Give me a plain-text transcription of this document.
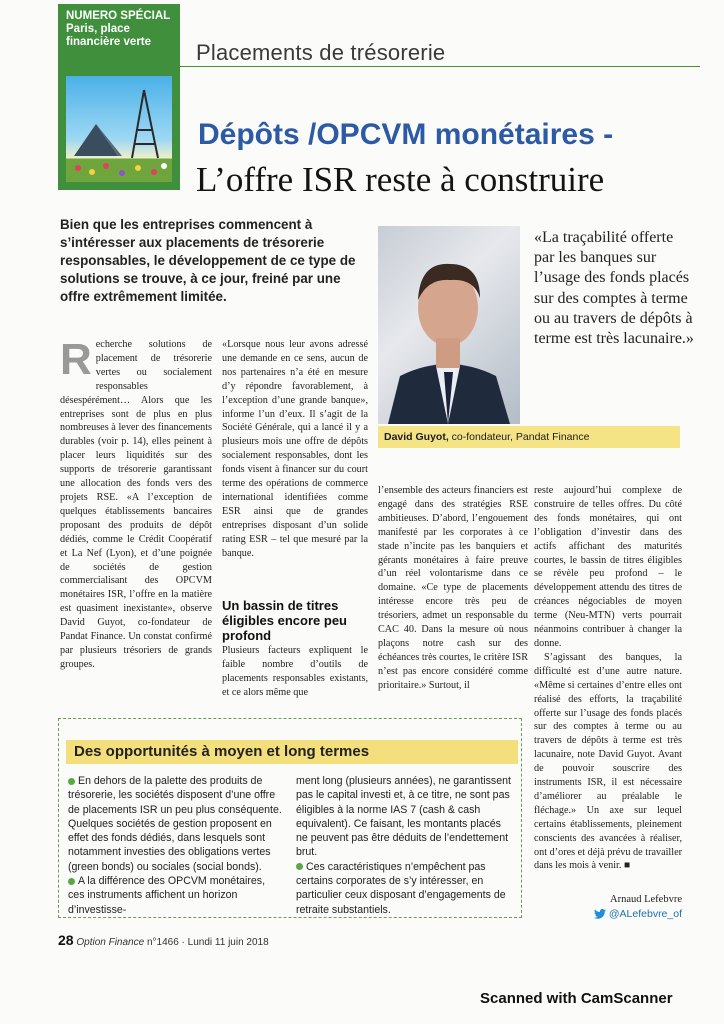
NUMERO SPÉCIAL
Paris, place
financière verte	Placements de trésorerie
Dépôts /OPCVM monétaires -
L’offre ISR reste à construire
Bien que les entreprises commencent à s’intéresser aux placements de trésorerie responsables, le développement de ce type de solutions se trouve, à ce jour, freiné par une offre extrêmement limitée.
David Guyot, co-fondateur, Pandat Finance
«La traçabilité offerte par les banques sur l’usage des fonds placés sur des comptes à terme ou au travers de dépôts à terme est très lacunaire.»
R echerche solutions de placement de trésorerie vertes ou socialement responsables désespérément… Alors que les entreprises sont de plus en plus nombreuses à lever des financements durables (voir p. 14), elles peinent à placer leurs liquidités sur des supports de trésorerie garantissant une allocation des fonds vers des projets RSE. «A l’exception de quelques établissements bancaires proposant des produits de dépôt dédiés, comme le Crédit Coopératif et La Nef (Lyon), et d’une poignée de sociétés de gestion commercialisant des OPCVM monétaires ISR, l’offre en la matière est quasiment inexistante», observe David Guyot, co-fondateur de Pandat Finance. Un constat confirmé par plusieurs trésoriers de grands groupes.
«Lorsque nous leur avons adressé une demande en ce sens, aucun de nos partenaires n’a été en mesure d’y répondre favorablement, à l’exception d’une grande banque», informe l’un d’eux. Il s’agit de la Société Générale, qui a lancé il y a plusieurs mois une offre de dépôts socialement responsables, dont les fonds visent à financer sur du court terme des opérations de commerce international identifiées comme ESR ainsi que de grandes entreprises disposant d’un solide rating ESR – tel que mesuré par la banque.
Un bassin de titres éligibles encore peu profond
Plusieurs facteurs expliquent le faible nombre d’outils de placements responsables existants, et ce alors même que
l’ensemble des acteurs financiers est engagé dans des stratégies RSE ambitieuses. D’abord, l’engouement manifesté par les corporates à ce stade n’incite pas les banquiers et gérants monétaires à faire preuve d’un réel volontarisme dans ce domaine. «Ce type de placements intéresse encore très peu de trésoriers, admet un responsable du CAC 40. Dans la mesure où nous plaçons notre cash sur des échéances très courtes, le critère ISR n’est pas encore considéré comme prioritaire.» Surtout, il

reste aujourd’hui complexe de construire de telles offres. Du côté des fonds monétaires, qui ont l’obligation d’investir dans des actifs affichant des maturités courtes, le bassin de titres éligibles se révèle peu profond – le développement attendu des titres de créances négociables de moyen terme (Neu-MTN) verts pourrait néanmoins contribuer à changer la donne.

S’agissant des banques, la difficulté est d’une autre nature. «Même si certaines d’entre elles ont réalisé des efforts, la traçabilité offerte sur l’usage des fonds placés sur des comptes à terme ou au travers de dépôts à terme est très lacunaire, note David Guyot. Avant de pouvoir souscrire des instruments ISR, il est nécessaire d’améliorer au préalable le fléchage.» Un axe sur lequel certains établissements, pleinement conscients des avancées à réaliser, ont d’ores et déjà prévu de travailler dans les mois à venir. ■

Des opportunités à moyen et long termes

En dehors de la palette des produits de trésorerie, les sociétés disposent d’une offre de placements ISR un peu plus conséquente. Quelques sociétés de gestion proposent en effet des fonds dédiés, dans lesquels sont notamment investies des obligations vertes (green bonds) ou sociales (social bonds).

A la différence des OPCVM monétaires, ces instruments affichent un horizon d’investisse-

ment long (plusieurs années), ne garantissent pas le capital investi et, à ce titre, ne sont pas éligibles à la norme IAS 7 (cash & cash equivalent). Ce faisant, les montants placés ne peuvent pas être déduits de l’endettement brut.

Ces caractéristiques n’empêchent pas certains corporates de s’y intéresser, en particulier ceux disposant d’engagements de retraite substantiels.

Arnaud Lefebvre
@ALefebvre_of
28 Option Finance n°1466 · Lundi 11 juin 2018
Scanned with CamScanner
